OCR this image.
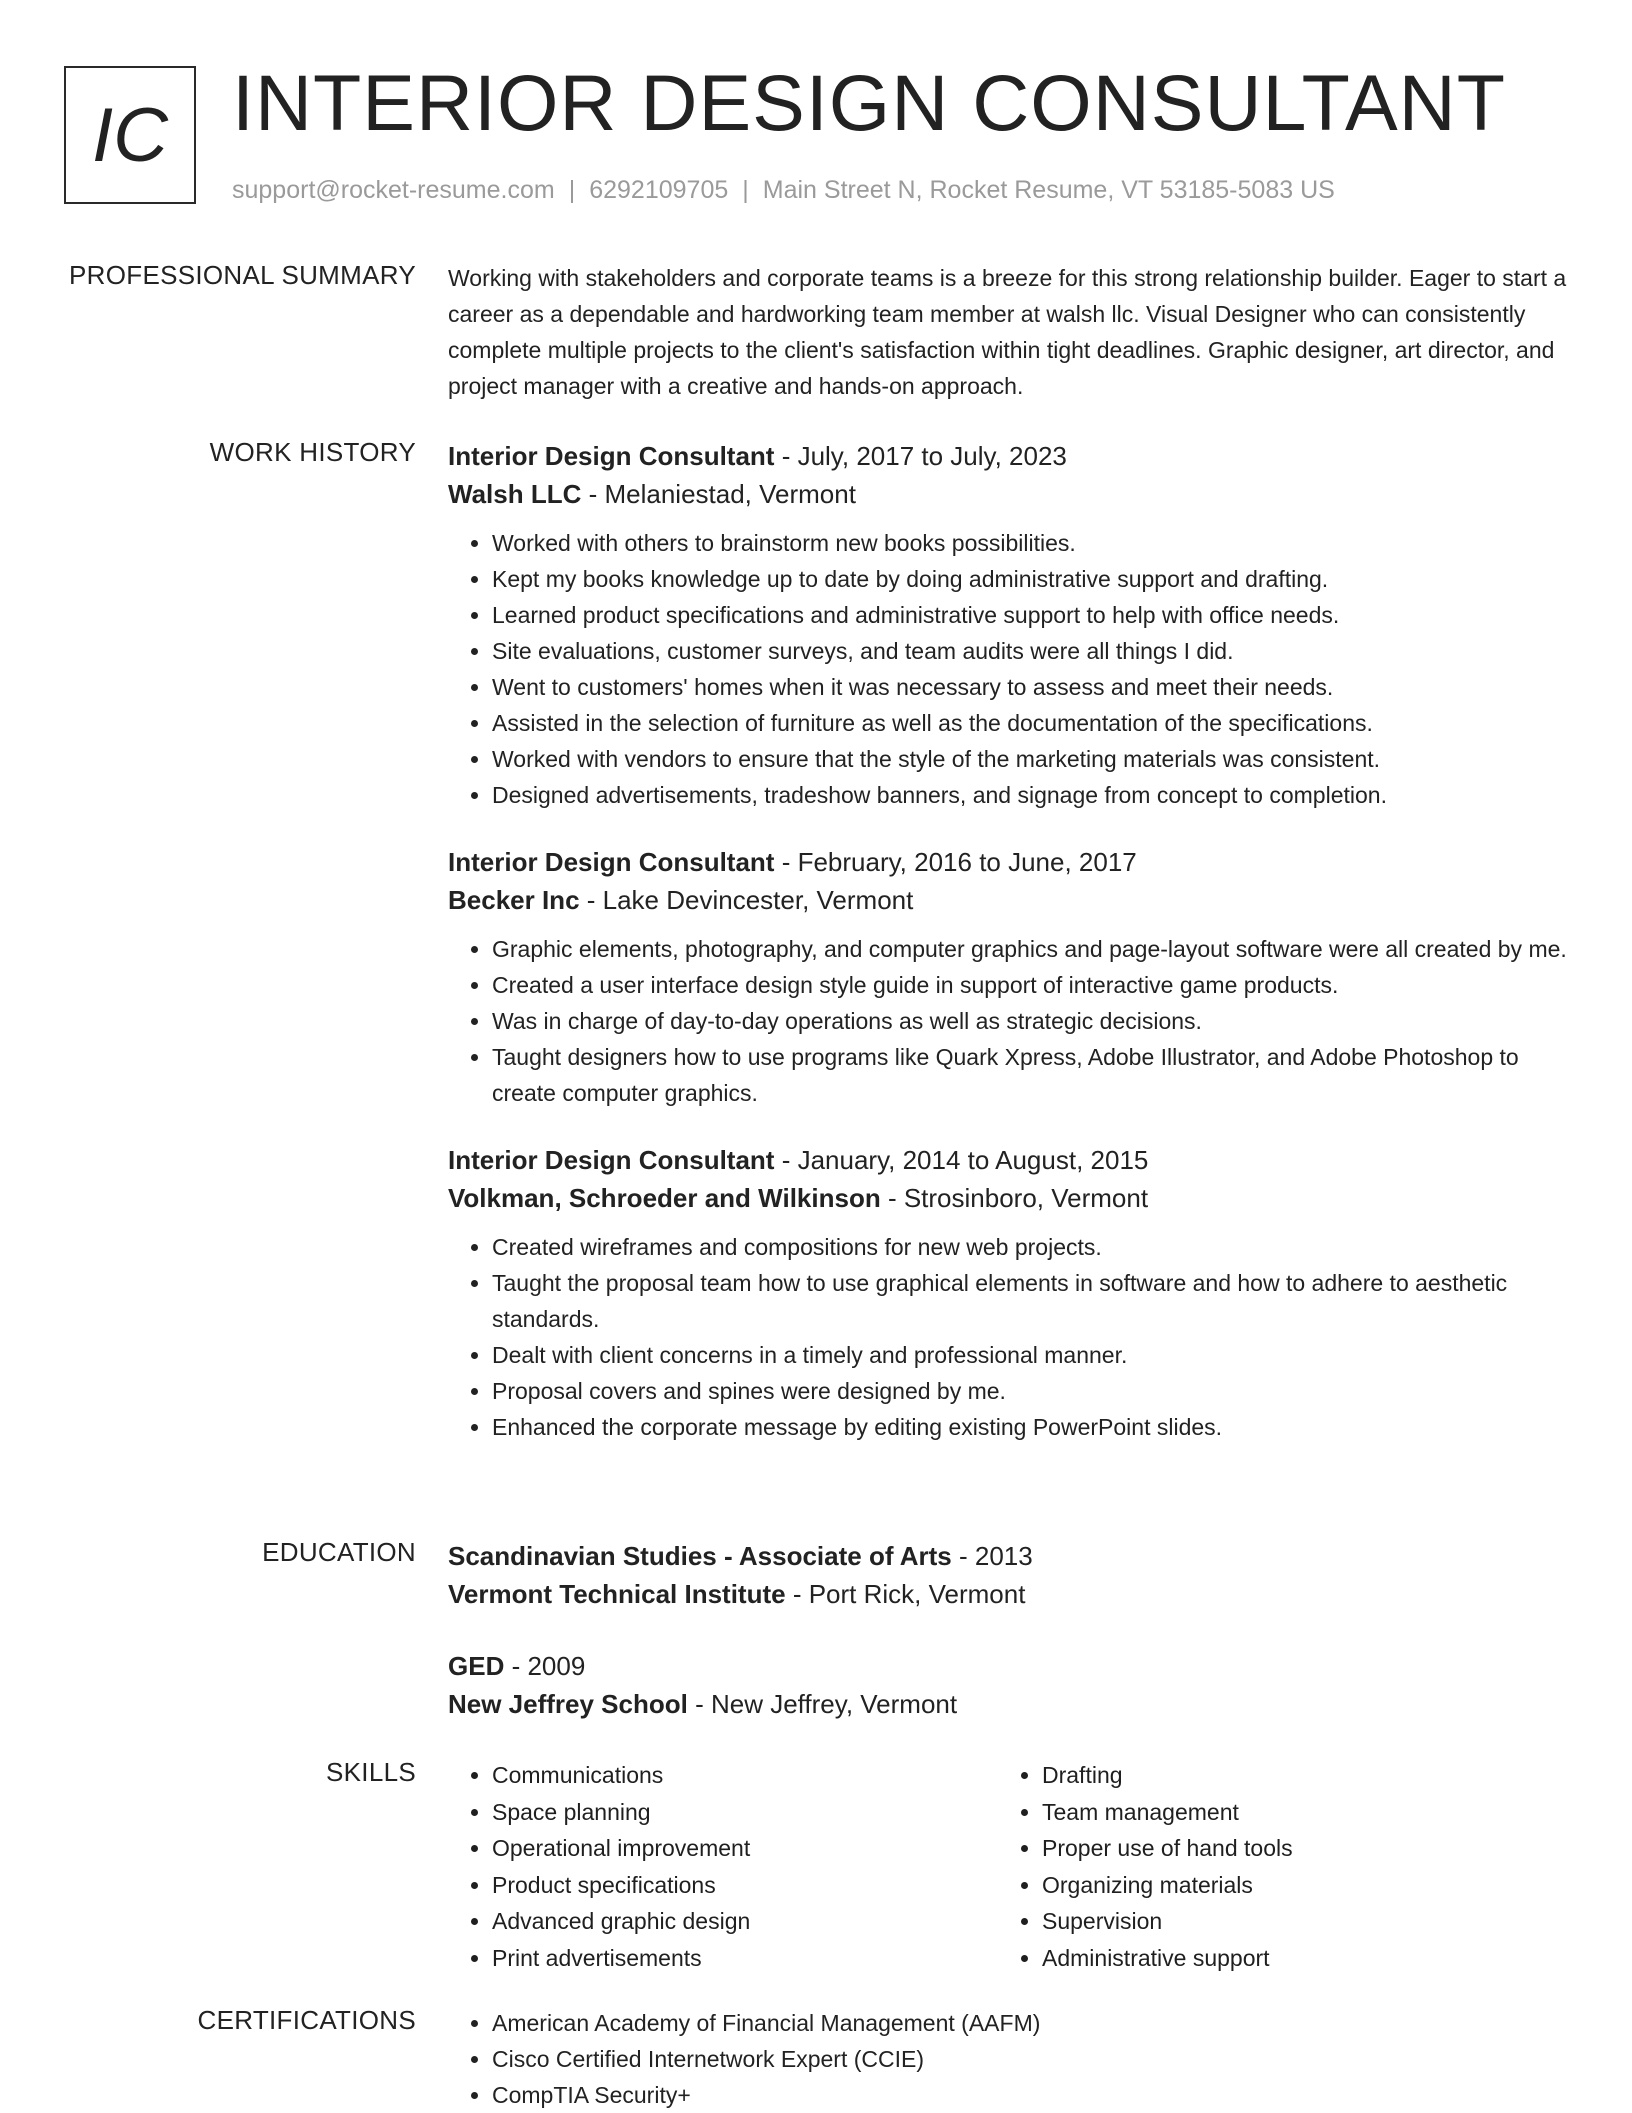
IC INTERIOR DESIGN CONSULTANT
support@rocket-resume.com | 6292109705 | Main Street N, Rocket Resume, VT 53185-5083 US
PROFESSIONAL SUMMARY Working with stakeholders and corporate teams is a breeze for this strong relationship builder. Eager to start a career as a dependable and hardworking team member at walsh llc. Visual Designer who can consistently complete multiple projects to the client's satisfaction within tight deadlines. Graphic designer, art director, and project manager with a creative and hands-on approach.
WORK HISTORY Interior Design Consultant - July, 2017 to July, 2023
Walsh LLC - Melaniestad, Vermont
• Worked with others to brainstorm new books possibilities.
• Kept my books knowledge up to date by doing administrative support and drafting.
• Learned product specifications and administrative support to help with office needs.
• Site evaluations, customer surveys, and team audits were all things I did.
• Went to customers' homes when it was necessary to assess and meet their needs.
• Assisted in the selection of furniture as well as the documentation of the specifications.
• Worked with vendors to ensure that the style of the marketing materials was consistent.
• Designed advertisements, tradeshow banners, and signage from concept to completion.
Interior Design Consultant - February, 2016 to June, 2017
Becker Inc - Lake Devincester, Vermont
• Graphic elements, photography, and computer graphics and page-layout software were all created by me.
• Created a user interface design style guide in support of interactive game products.
• Was in charge of day-to-day operations as well as strategic decisions.
• Taught designers how to use programs like Quark Xpress, Adobe Illustrator, and Adobe Photoshop to create computer graphics.
Interior Design Consultant - January, 2014 to August, 2015
Volkman, Schroeder and Wilkinson - Strosinboro, Vermont
• Created wireframes and compositions for new web projects.
• Taught the proposal team how to use graphical elements in software and how to adhere to aesthetic standards.
• Dealt with client concerns in a timely and professional manner.
• Proposal covers and spines were designed by me.
• Enhanced the corporate message by editing existing PowerPoint slides.
EDUCATION Scandinavian Studies - Associate of Arts - 2013
Vermont Technical Institute - Port Rick, Vermont
GED - 2009
New Jeffrey School - New Jeffrey, Vermont
SKILLS	• Communications
• Space planning
• Operational improvement
• Product specifications
• Advanced graphic design
• Print advertisements
• Drafting
• Team management
• Proper use of hand tools
• Organizing materials
• Supervision
• Administrative support
CERTIFICATIONS	• American Academy of Financial Management (AAFM)
• Cisco Certified Internetwork Expert (CCIE)
• CompTIA Security+
